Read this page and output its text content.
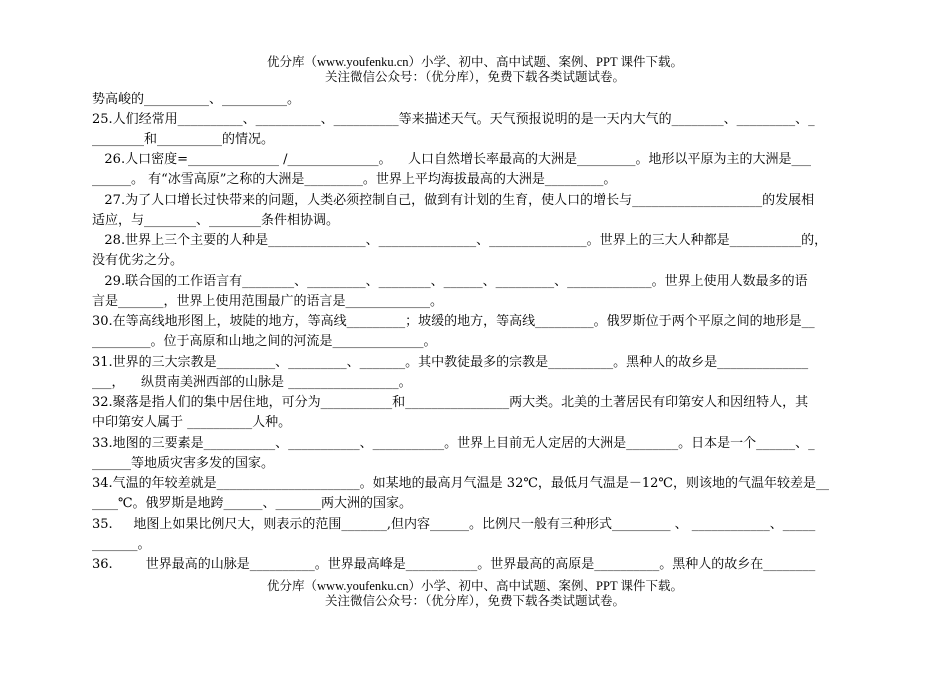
优分库（www.youfenku.cn）小学、初中、高中试题、案例、PPT 课件下载。
关注微信公众号：（优分库），免费下载各类试题试卷。
势高峻的__________、__________。
25.人们经常用__________、__________、__________等来描述天气。天气预报说明的是一天内大气的________、_________、_
________和__________的情况。
26.人口密度=______________ /______________。    人口自然增长率最高的大洲是_________。地形以平原为主的大洲是___
______。 有“冰雪高原”之称的大洲是_________。世界上平均海拔最高的大洲是_________。
27.为了人口增长过快带来的问题，人类必须控制自己，做到有计划的生育，使人口的增长与____________________的发展相
适应，与________、________条件相协调。
28.世界上三个主要的人种是_______________、_______________、_______________。世界上的三大人种都是___________的，
没有优劣之分。
29.联合国的工作语言有________、_________、________、______、_________、_____________。世界上使用人数最多的语
言是_______，世界上使用范围最广的语言是_____________。
30.在等高线地形图上，坡陡的地方，等高线_________；坡缓的地方，等高线_________。俄罗斯位于两个平原之间的地形是__
_________。位于高原和山地之间的河流是______________。
31.世界的三大宗教是_________、_________、_______。其中教徒最多的宗教是__________。黑种人的故乡是______________
___，    纵贯南美洲西部的山脉是 _________________。
32.聚落是指人们的集中居住地，可分为___________和________________两大类。北美的土著居民有印第安人和因纽特人，其
中印第安人属于 __________人种。
33.地图的三要素是___________、___________、___________。世界上目前无人定居的大洲是________。日本是一个______、_
______等地质灾害多发的国家。
34.气温的年较差就是______________________。如某地的最高月气温是 32℃，最低月气温是－12℃，则该地的气温年较差是__
____℃。俄罗斯是地跨______、_______两大洲的国家。
35.     地图上如果比例尺大，则表示的范围_______,但内容______。比例尺一般有三种形式_________ 、 ____________、_____
_______。
36.        世界最高的山脉是__________。世界最高峰是___________。世界最高的高原是__________。黑种人的故乡在________
优分库（www.youfenku.cn）小学、初中、高中试题、案例、PPT 课件下载。
关注微信公众号：（优分库），免费下载各类试题试卷。
